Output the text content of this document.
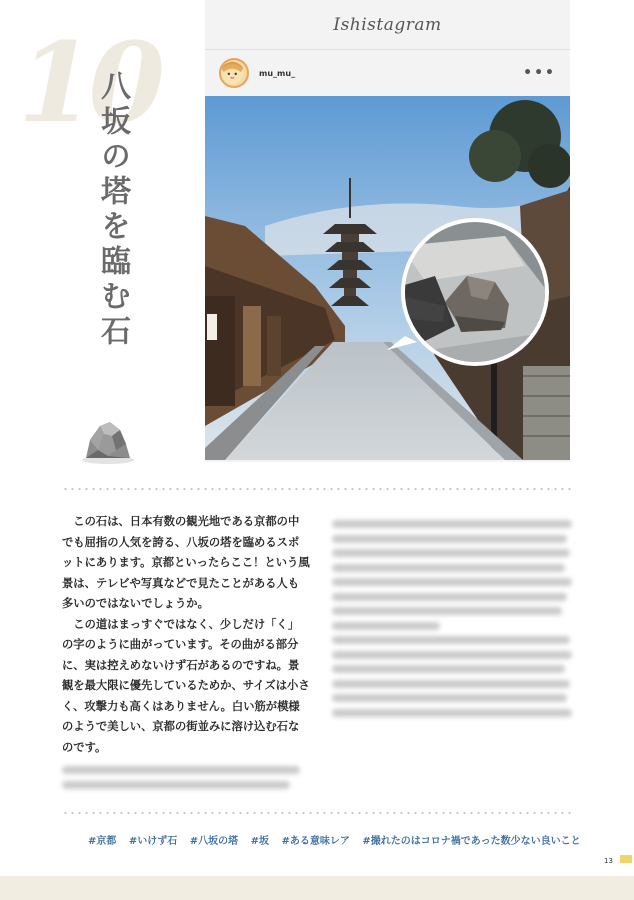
10
八坂の塔を臨む石
Ishistagram
mu_mu_	•••

この石は、日本有数の観光地である京都の中でも屈指の人気を誇る、八坂の塔を臨めるスポットにあります。京都といったらここ！という風景は、テレビや写真などで見たことがある人も多いのではないでしょうか。

この道はまっすぐではなく、少しだけ「く」の字のように曲がっています。その曲がる部分に、実は控えめないけず石があるのですね。景観を最大限に優先しているためか、サイズは小さく、攻撃力も高くはありません。白い筋が模様のようで美しい、京都の街並みに溶け込む石なのです。

#京都 #いけず石 #八坂の塔 #坂 #ある意味レア #撮れたのはコロナ禍であった数少ない良いこと
13
